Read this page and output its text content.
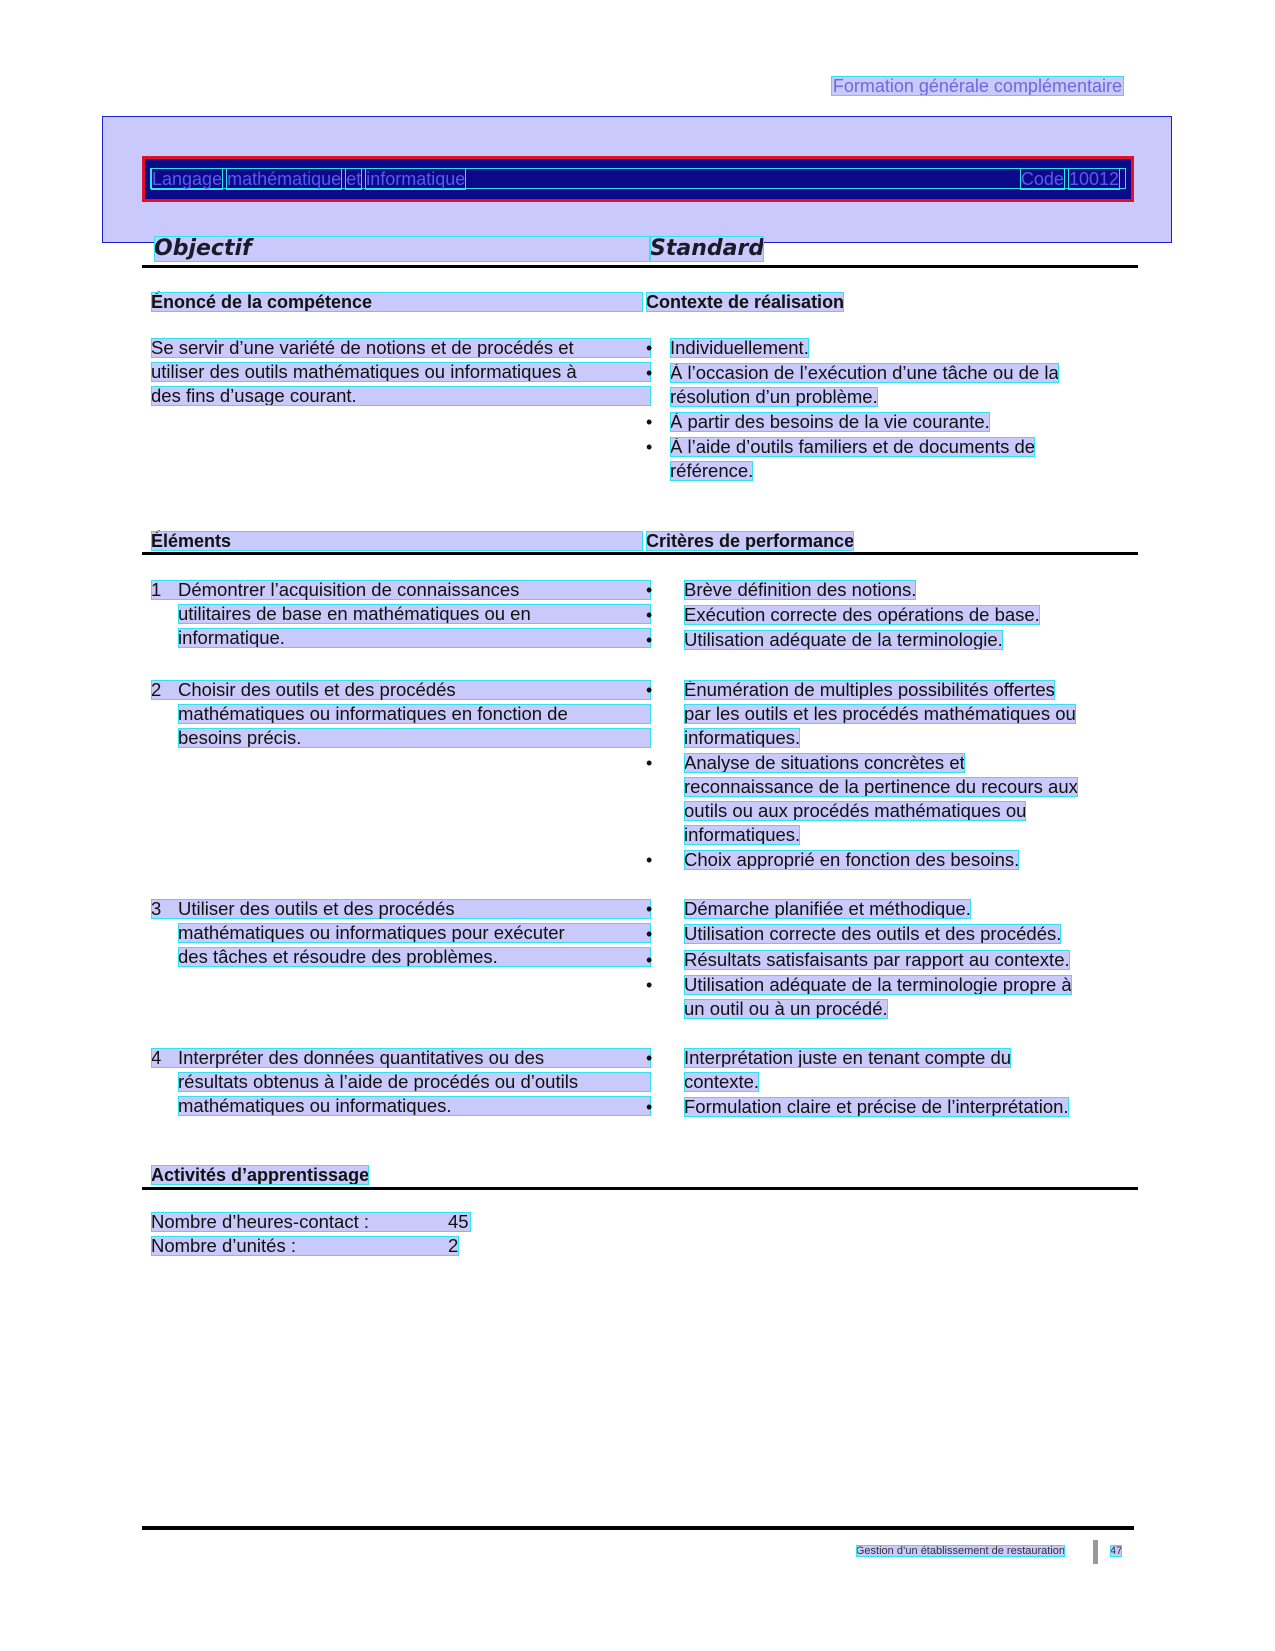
Formation générale complémentaire
Langage mathématique et informatique	Code 10012
Objectif	Standard
Énoncé de la compétence	Contexte de réalisation
Se servir d’une variété de notions et de procédés et
utiliser des outils mathématiques ou informatiques à
des fins d’usage courant.
• Individuellement.
• À l’occasion de l’exécution d’une tâche ou de la
résolution d’un problème.
• À partir des besoins de la vie courante.
• À l’aide d’outils familiers et de documents de
référence.
Éléments	Critères de performance
1 Démontrer l’acquisition de connaissances
utilitaires de base en mathématiques ou en
informatique.
• Brève définition des notions.
• Exécution correcte des opérations de base.
• Utilisation adéquate de la terminologie.
2 Choisir des outils et des procédés
mathématiques ou informatiques en fonction de
besoins précis.
• Énumération de multiples possibilités offertes
par les outils et les procédés mathématiques ou
informatiques.
• Analyse de situations concrètes et
reconnaissance de la pertinence du recours aux
outils ou aux procédés mathématiques ou
informatiques.
• Choix approprié en fonction des besoins.
3 Utiliser des outils et des procédés
mathématiques ou informatiques pour exécuter
des tâches et résoudre des problèmes.
• Démarche planifiée et méthodique.
• Utilisation correcte des outils et des procédés.
• Résultats satisfaisants par rapport au contexte.
• Utilisation adéquate de la terminologie propre à
un outil ou à un procédé.
4 Interpréter des données quantitatives ou des
résultats obtenus à l’aide de procédés ou d’outils
mathématiques ou informatiques.
• Interprétation juste en tenant compte du
contexte.
• Formulation claire et précise de l’interprétation.
Activités d’apprentissage
Nombre d’heures-contact :	45
Nombre d’unités :	2
Gestion d’un établissement de restauration	47
